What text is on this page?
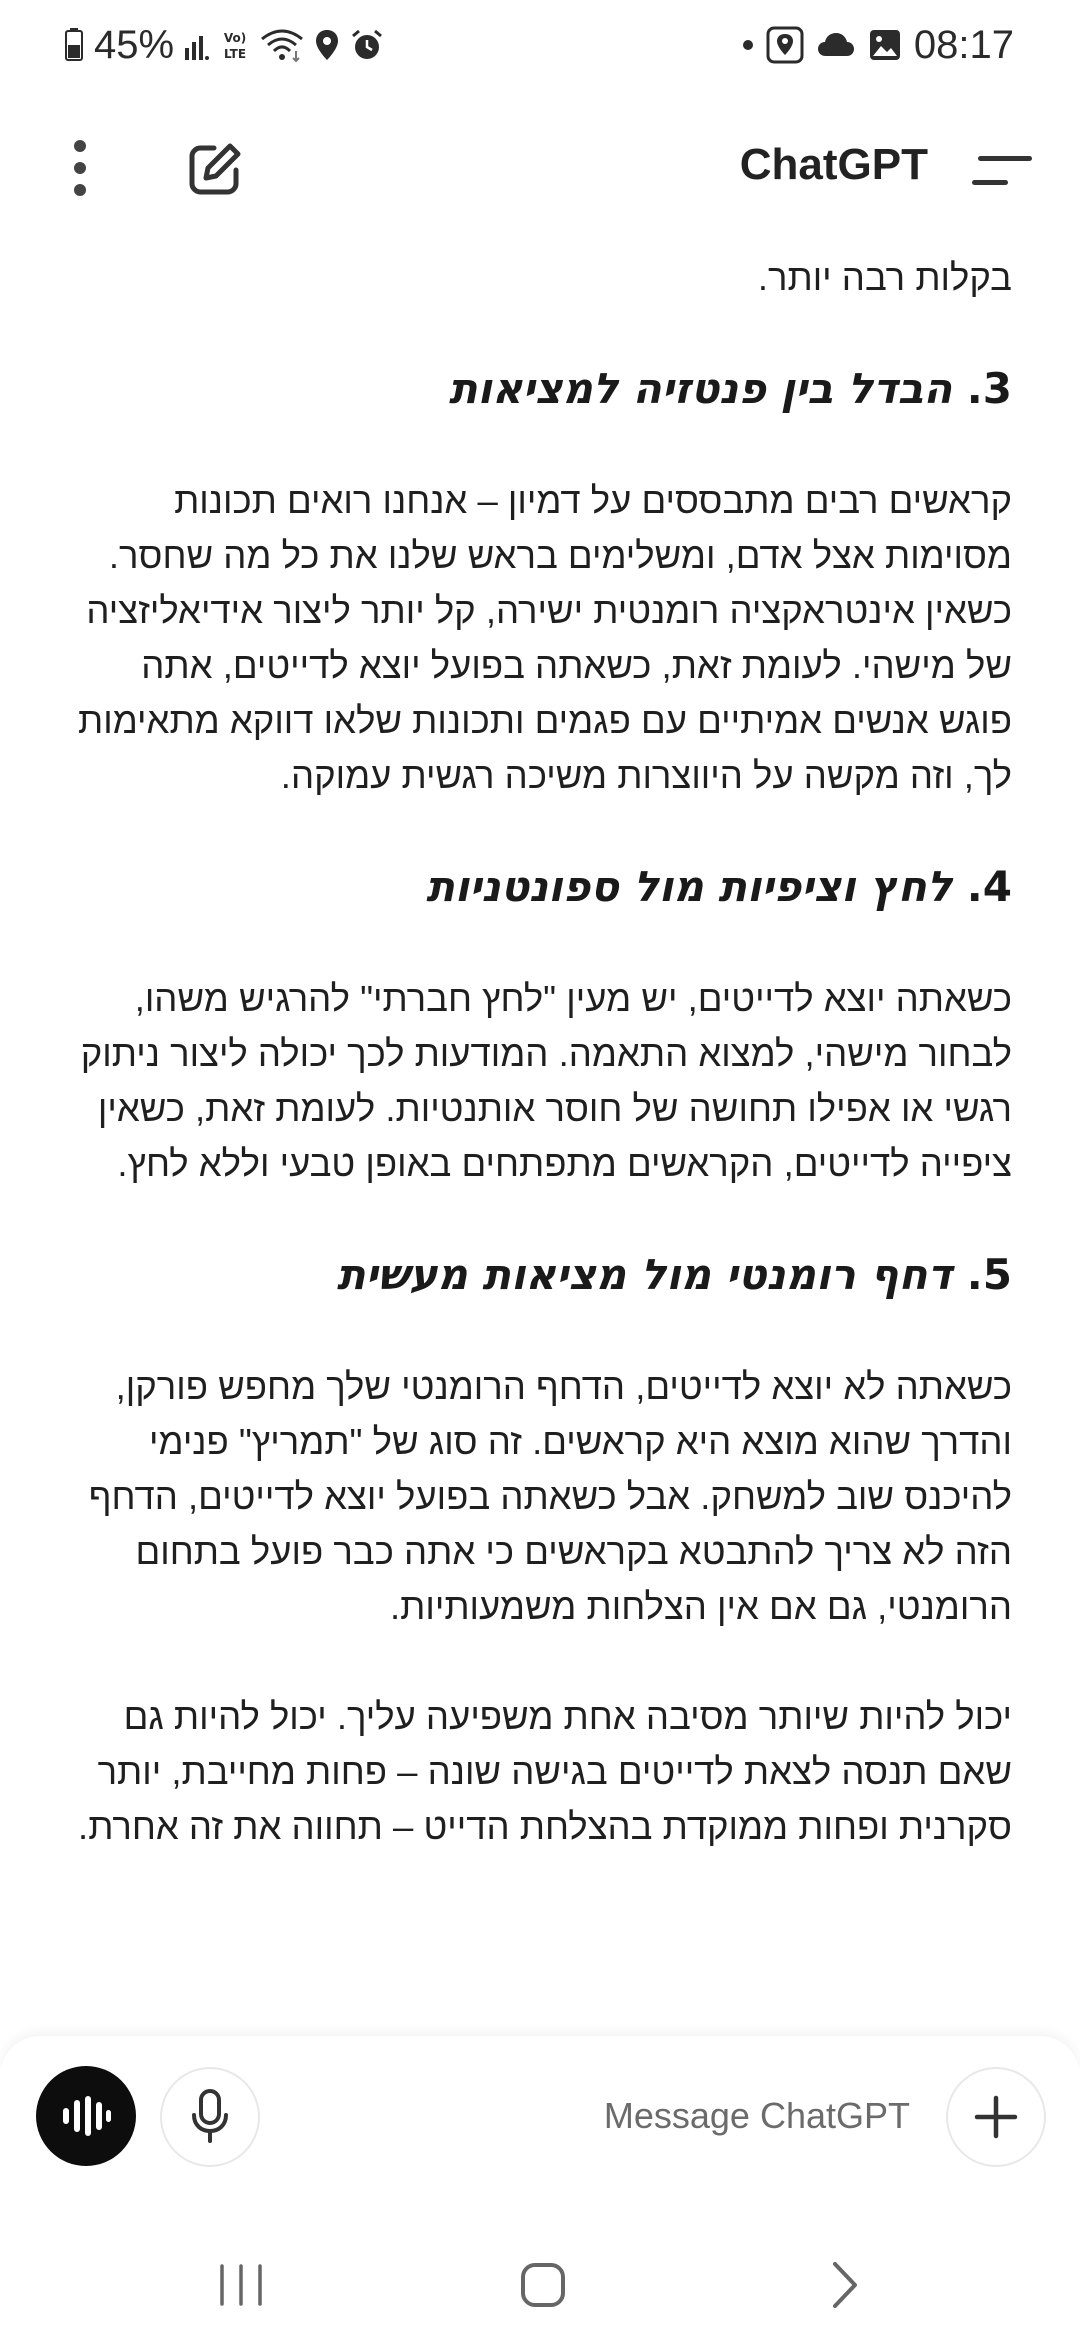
45%	Vo)
LTE	08:17
ChatGPT

בקלות רבה יותר.

3. הבדל בין פנטזיה למציאות

קראשים רבים מתבססים על דמיון – אנחנו רואים תכונות מסוימות אצל אדם, ומשלימים בראש שלנו את כל מה שחסר. כשאין אינטראקציה רומנטית ישירה, קל יותר ליצור אידיאליזציה של מישהי. לעומת זאת, כשאתה בפועל יוצא לדייטים, אתה פוגש אנשים אמיתיים עם פגמים ותכונות שלאו דווקא מתאימות לך, וזה מקשה על היווצרות משיכה רגשית עמוקה.

4. לחץ וציפיות מול ספונטניות

כשאתה יוצא לדייטים, יש מעין "לחץ חברתי" להרגיש משהו, לבחור מישהי, למצוא התאמה. המודעות לכך יכולה ליצור ניתוק רגשי או אפילו תחושה של חוסר אותנטיות. לעומת זאת, כשאין ציפייה לדייטים, הקראשים מתפתחים באופן טבעי וללא לחץ.

5. דחף רומנטי מול מציאות מעשית

כשאתה לא יוצא לדייטים, הדחף הרומנטי שלך מחפש פורקן, והדרך שהוא מוצא היא קראשים. זה סוג של "תמריץ" פנימי להיכנס שוב למשחק. אבל כשאתה בפועל יוצא לדייטים, הדחף הזה לא צריך להתבטא בקראשים כי אתה כבר פועל בתחום הרומנטי, גם אם אין הצלחות משמעותיות.

יכול להיות שיותר מסיבה אחת משפיעה עליך. יכול להיות גם שאם תנסה לצאת לדייטים בגישה שונה – פחות מחייבת, יותר סקרנית ופחות ממוקדת בהצלחת הדייט – תחווה את זה אחרת.

Message ChatGPT
